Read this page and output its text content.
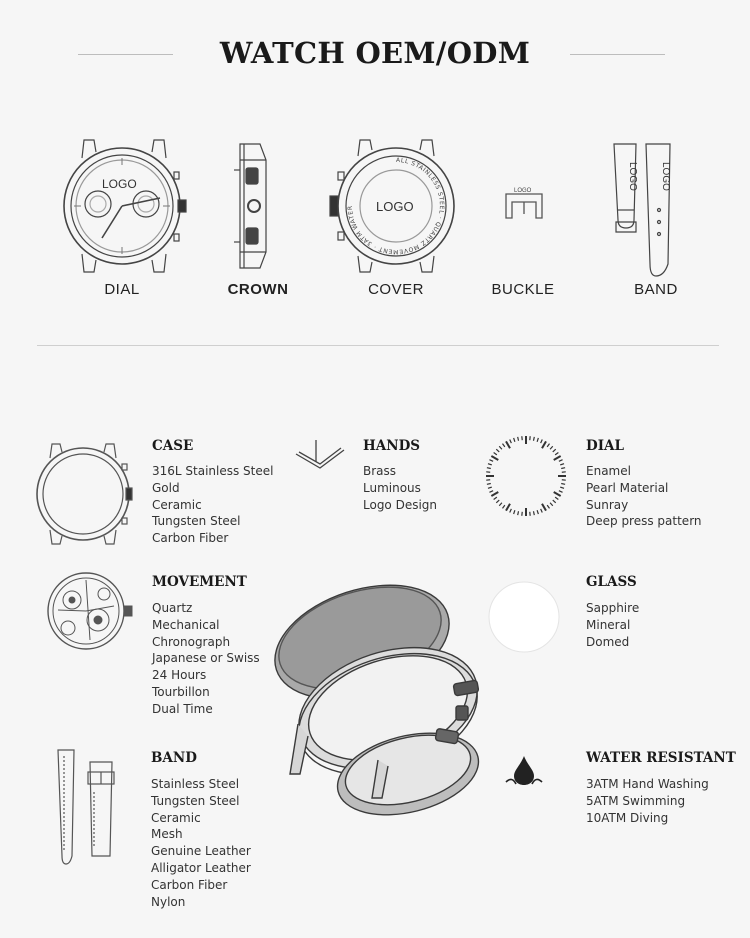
WATCH OEM/ODM
LOGO
DIAL	CROWN
ALL STAINLESS STEEL · QUARTZ MOVEMENT · 3ATM WATER	LOGO
COVER
LOGO
BUCKLE
LOGO LOGO
BAND
CASE
316L Stainless Steel
Gold
Ceramic
Tungsten Steel
Carbon Fiber
MOVEMENT
Quartz
Mechanical
Chronograph
Japanese or Swiss
24 Hours
Tourbillon
Dual Time
BAND
Stainless Steel
Tungsten Steel
Ceramic
Mesh
Genuine Leather
Alligator Leather
Carbon Fiber
Nylon
HANDS
Brass
Luminous
Logo Design
DIAL
Enamel
Pearl Material
Sunray
Deep press pattern
GLASS
Sapphire
Mineral
Domed
WATER RESISTANT
3ATM Hand Washing
5ATM Swimming
10ATM Diving
